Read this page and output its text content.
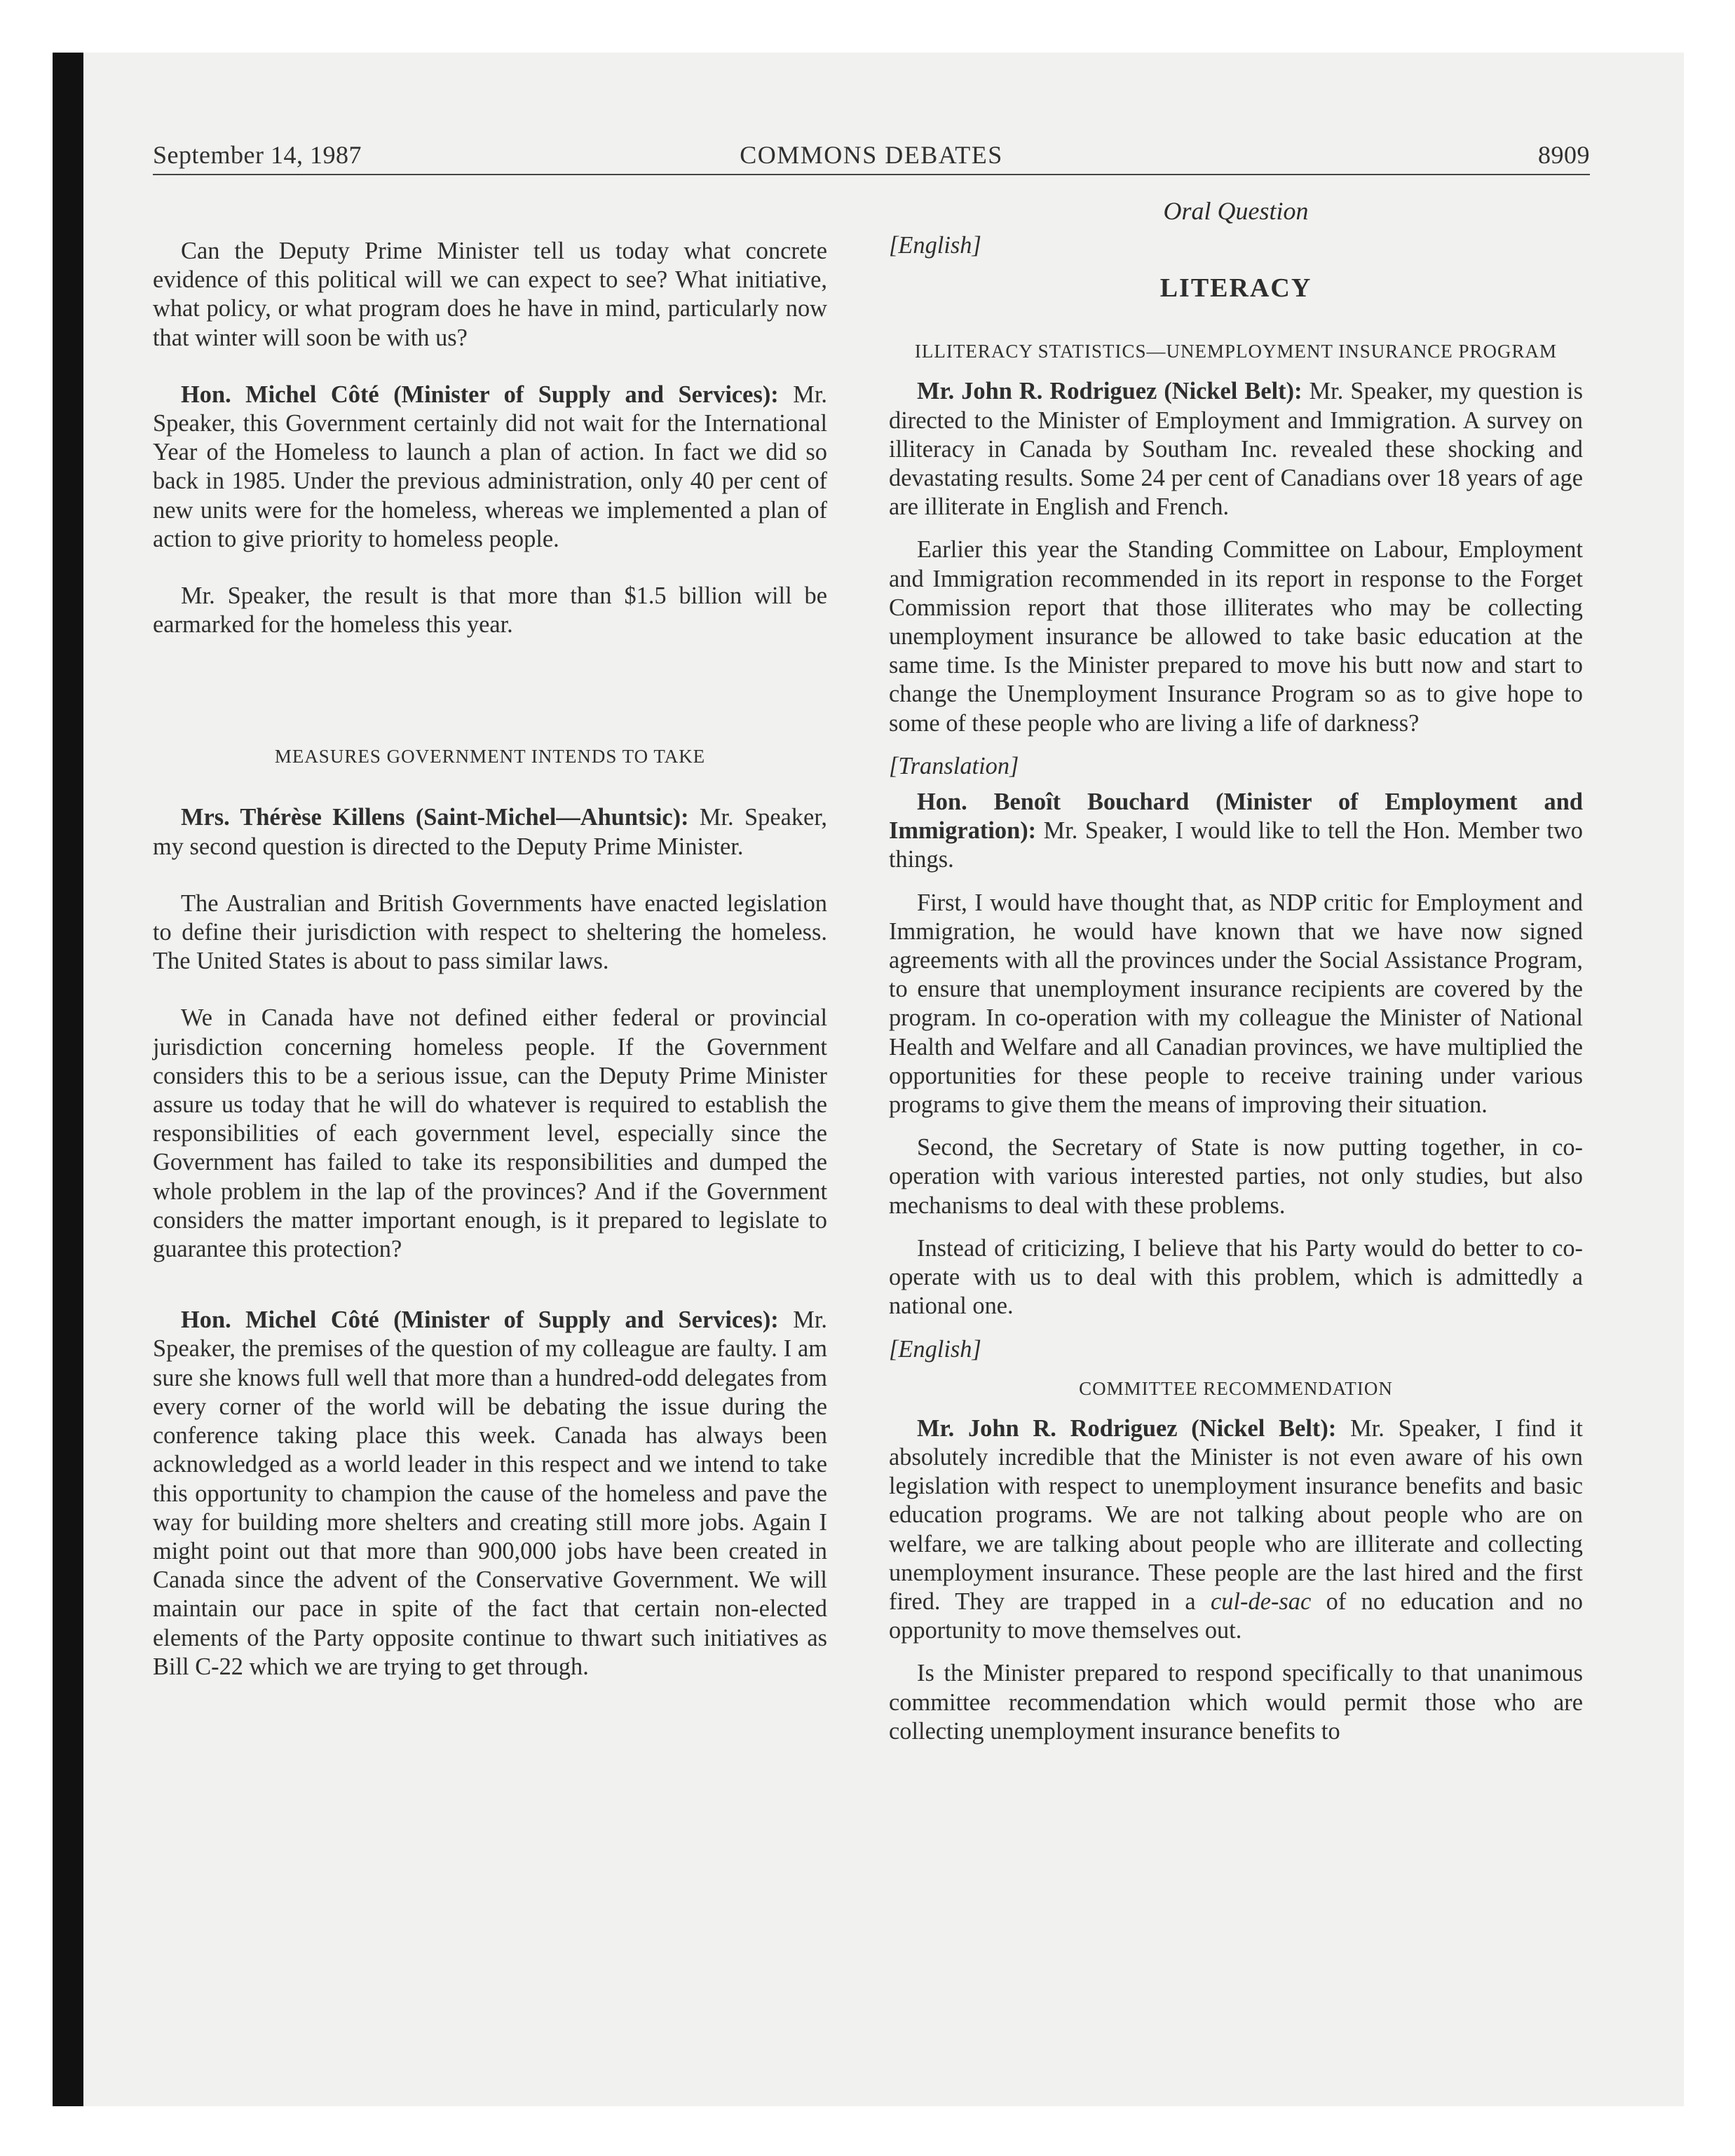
September 14, 1987	COMMONS DEBATES	8909
Oral Question

Can the Deputy Prime Minister tell us today what concrete evidence of this political will we can expect to see? What initiative, what policy, or what program does he have in mind, particularly now that winter will soon be with us?

Hon. Michel Côté (Minister of Supply and Services): Mr. Speaker, this Government certainly did not wait for the International Year of the Homeless to launch a plan of action. In fact we did so back in 1985. Under the previous administration, only 40 per cent of new units were for the homeless, whereas we implemented a plan of action to give priority to homeless people.

Mr. Speaker, the result is that more than $1.5 billion will be earmarked for the homeless this year.

MEASURES GOVERNMENT INTENDS TO TAKE

Mrs. Thérèse Killens (Saint-Michel—Ahuntsic): Mr. Speaker, my second question is directed to the Deputy Prime Minister.

The Australian and British Governments have enacted legislation to define their jurisdiction with respect to sheltering the homeless. The United States is about to pass similar laws.

We in Canada have not defined either federal or provincial jurisdiction concerning homeless people. If the Government considers this to be a serious issue, can the Deputy Prime Minister assure us today that he will do whatever is required to establish the responsibilities of each government level, especially since the Government has failed to take its responsibilities and dumped the whole problem in the lap of the provinces? And if the Government considers the matter important enough, is it prepared to legislate to guarantee this protection?

Hon. Michel Côté (Minister of Supply and Services): Mr. Speaker, the premises of the question of my colleague are faulty. I am sure she knows full well that more than a hundred-odd delegates from every corner of the world will be debating the issue during the conference taking place this week. Canada has always been acknowledged as a world leader in this respect and we intend to take this opportunity to champion the cause of the homeless and pave the way for building more shelters and creating still more jobs. Again I might point out that more than 900,000 jobs have been created in Canada since the advent of the Conservative Government. We will maintain our pace in spite of the fact that certain non-elected elements of the Party opposite continue to thwart such initiatives as Bill C-22 which we are trying to get through.

[English]
LITERACY
ILLITERACY STATISTICS—UNEMPLOYMENT INSURANCE PROGRAM

Mr. John R. Rodriguez (Nickel Belt): Mr. Speaker, my question is directed to the Minister of Employment and Immigration. A survey on illiteracy in Canada by Southam Inc. revealed these shocking and devastating results. Some 24 per cent of Canadians over 18 years of age are illiterate in English and French.

Earlier this year the Standing Committee on Labour, Employment and Immigration recommended in its report in response to the Forget Commission report that those illiterates who may be collecting unemployment insurance be allowed to take basic education at the same time. Is the Minister prepared to move his butt now and start to change the Unemployment Insurance Program so as to give hope to some of these people who are living a life of darkness?

[Translation]

Hon. Benoît Bouchard (Minister of Employment and Immigration): Mr. Speaker, I would like to tell the Hon. Member two things.

First, I would have thought that, as NDP critic for Employment and Immigration, he would have known that we have now signed agreements with all the provinces under the Social Assistance Program, to ensure that unemployment insurance recipients are covered by the program. In co-operation with my colleague the Minister of National Health and Welfare and all Canadian provinces, we have multiplied the opportunities for these people to receive training under various programs to give them the means of improving their situation.

Second, the Secretary of State is now putting together, in co-operation with various interested parties, not only studies, but also mechanisms to deal with these problems.

Instead of criticizing, I believe that his Party would do better to co-operate with us to deal with this problem, which is admittedly a national one.

[English]
COMMITTEE RECOMMENDATION

Mr. John R. Rodriguez (Nickel Belt): Mr. Speaker, I find it absolutely incredible that the Minister is not even aware of his own legislation with respect to unemployment insurance benefits and basic education programs. We are not talking about people who are on welfare, we are talking about people who are illiterate and collecting unemployment insurance. These people are the last hired and the first fired. They are trapped in a cul-de-sac of no education and no opportunity to move themselves out.

Is the Minister prepared to respond specifically to that unanimous committee recommendation which would permit those who are collecting unemployment insurance benefits to
